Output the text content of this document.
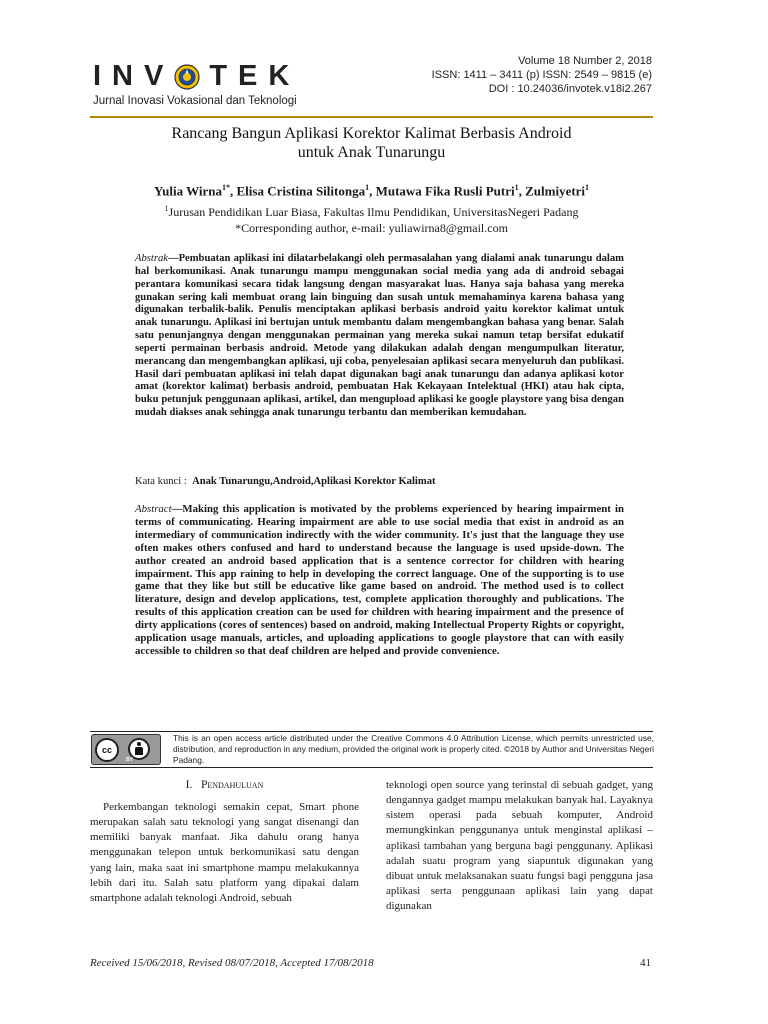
INV TEK
Jurnal Inovasi Vokasional dan Teknologi
Volume 18 Number 2, 2018
ISSN: 1411 – 3411 (p) ISSN: 2549 – 9815 (e)
DOI : 10.24036/invotek.v18i2.267
Rancang Bangun Aplikasi Korektor Kalimat Berbasis Android
untuk Anak Tunarungu
Yulia Wirna$^{1*}$, Elisa Cristina Silitonga$^1$, Mutawa Fika Rusli Putri$^1$, Zulmiyetri$^1$
$^1$Jurusan Pendidikan Luar Biasa, Fakultas Ilmu Pendidikan, UniversitasNegeri Padang
*Corresponding author, e-mail: yuliawirna8@gmail.com
Abstrak—Pembuatan aplikasi ini dilatarbelakangi oleh permasalahan yang dialami anak tunarungu dalam hal berkomunikasi. Anak tunarungu mampu menggunakan social media yang ada di android sebagai perantara komunikasi secara tidak langsung dengan masyarakat luas. Hanya saja bahasa yang mereka gunakan sering kali membuat orang lain binguing dan susah untuk memahaminya karena bahasa yang digunakan terbalik-balik. Penulis menciptakan aplikasi berbasis android yaitu korektor kalimat untuk anak tunarungu. Aplikasi ini bertujan untuk membantu dalam mengembangkan bahasa yang benar. Salah satu penunjangnya dengan menggunakan permainan yang mereka sukai namun tetap bersifat edukatif seperti permainan berbasis android. Metode yang dilakukan adalah dengan mengumpulkan literatur, merancang dan mengembangkan aplikasi, uji coba, penyelesaian aplikasi secara menyeluruh dan publikasi. Hasil dari pembuatan aplikasi ini telah dapat digunakan bagi anak tunarungu dan adanya aplikasi kotor amat (korektor kalimat) berbasis android, pembuatan Hak Kekayaan Intelektual (HKI) atau hak cipta, buku petunjuk penggunaan aplikasi, artikel, dan mengupload aplikasi ke google playstore yang bisa dengan mudah diakses anak sehingga anak tunarungu terbantu dan memberikan kemudahan.
Kata kunci : Anak Tunarungu,Android,Aplikasi Korektor Kalimat
Abstract—Making this application is motivated by the problems experienced by hearing impairment in terms of communicating. Hearing impairment are able to use social media that exist in android as an intermediary of communication indirectly with the wider community. It's just that the language they use often makes others confused and hard to understand because the language is used upside-down. The author created an android based application that is a sentence corrector for children with hearing impairment. This app raining to help in developing the correct language. One of the supporting is to use game that they like but still be educative like game based on android. The method used is to collect literature, design and develop applications, test, complete application thoroughly and publications. The results of this application creation can be used for children with hearing impairment and the presence of dirty applications (cores of sentences) based on android, making Intellectual Property Rights or copyright, application usage manuals, articles, and uploading applications to google playstore that can with easily accessible to children so that deaf children are helped and provide convenience.
cc
BY
This is an open access article distributed under the Creative Commons 4.0 Attribution License, which permits unrestricted use, distribution, and reproduction in any medium, provided the original work is properly cited. ©2018 by Author and Universitas Negeri Padang.
I. Pendahuluan
Perkembangan teknologi semakin cepat, Smart phone merupakan salah satu teknologi yang sangat disenangi dan memiliki banyak manfaat. Jika dahulu orang hanya menggunakan telepon untuk berkomunikasi satu dengan yang lain, maka saat ini smartphone mampu melakukannya lebih dari itu. Salah satu platform yang dipakai dalam smartphone adalah teknologi Android, sebuah
teknologi open source yang terinstal di sebuah gadget, yang dengannya gadget mampu melakukan banyak hal. Layaknya sistem operasi pada sebuah komputer, Android memungkinkan penggunanya untuk menginstal aplikasi – aplikasi tambahan yang berguna bagi penggunany. Aplikasi adalah suatu program yang siapuntuk digunakan yang dibuat untuk melaksanakan suatu fungsi bagi pengguna jasa aplikasi serta penggunaan aplikasi lain yang dapat digunakan
Received 15/06/2018, Revised 08/07/2018, Accepted 17/08/2018	41
